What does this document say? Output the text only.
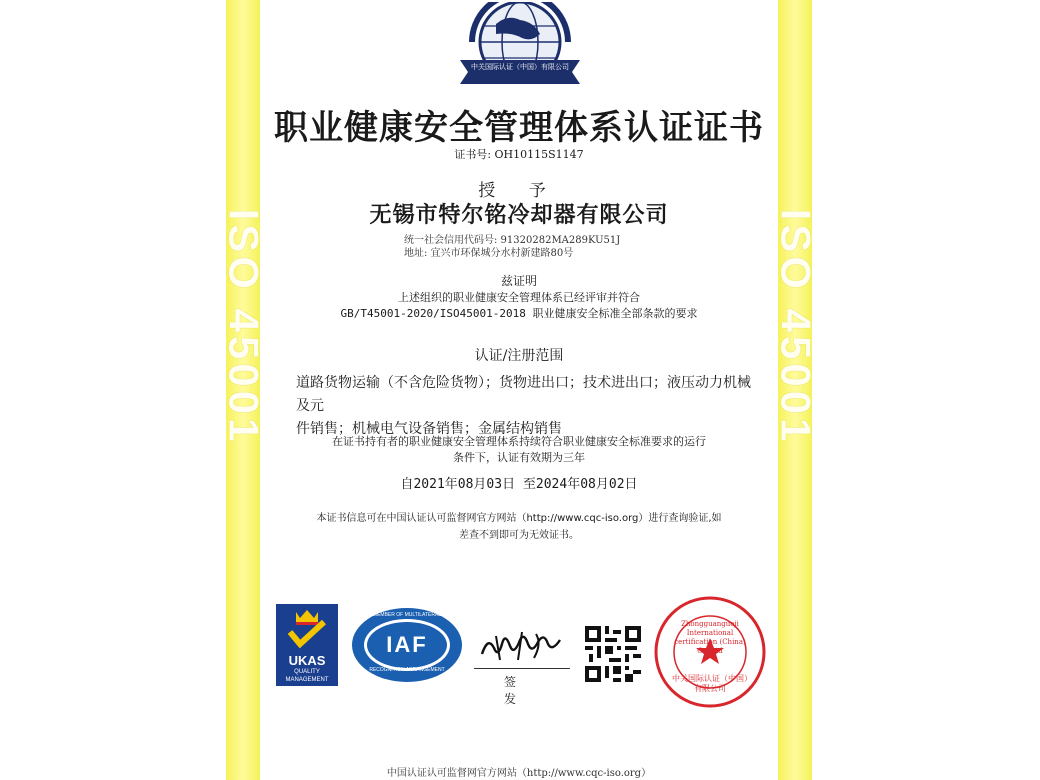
ISO 45001	ISO 45001
中关国际认证（中国）有限公司
职业健康安全管理体系认证证书
证书号: OH10115S1147
授 予
无锡市特尔铭冷却器有限公司
统一社会信用代码号: 91320282MA289KU51J
地址: 宜兴市环保城分水村新建路80号
兹证明
上述组织的职业健康安全管理体系已经评审并符合
GB/T45001-2020/ISO45001-2018 职业健康安全标准全部条款的要求
认证/注册范围
道路货物运输（不含危险货物）；货物进出口；技术进出口；液压动力机械及元
件销售；机械电气设备销售；金属结构销售
在证书持有者的职业健康安全管理体系持续符合职业健康安全标准要求的运行
条件下，认证有效期为三年
自2021年08月03日 至2024年08月02日
本证书信息可在中国认证认可监督网官方网站（http://www.cqc-iso.org）进行查询验证,如
差查不到即可为无效证书。
UKAS
QUALITY
MANAGEMENT
IAF
MEMBER OF MULTILATERAL
RECOGNITION ARRANGEMENT
签 发
Zhongguanguoji International certification (China) Co.,Ltd
中关国际认证（中国）有限公司
中国认证认可监督网官方网站（http://www.cqc-iso.org）
